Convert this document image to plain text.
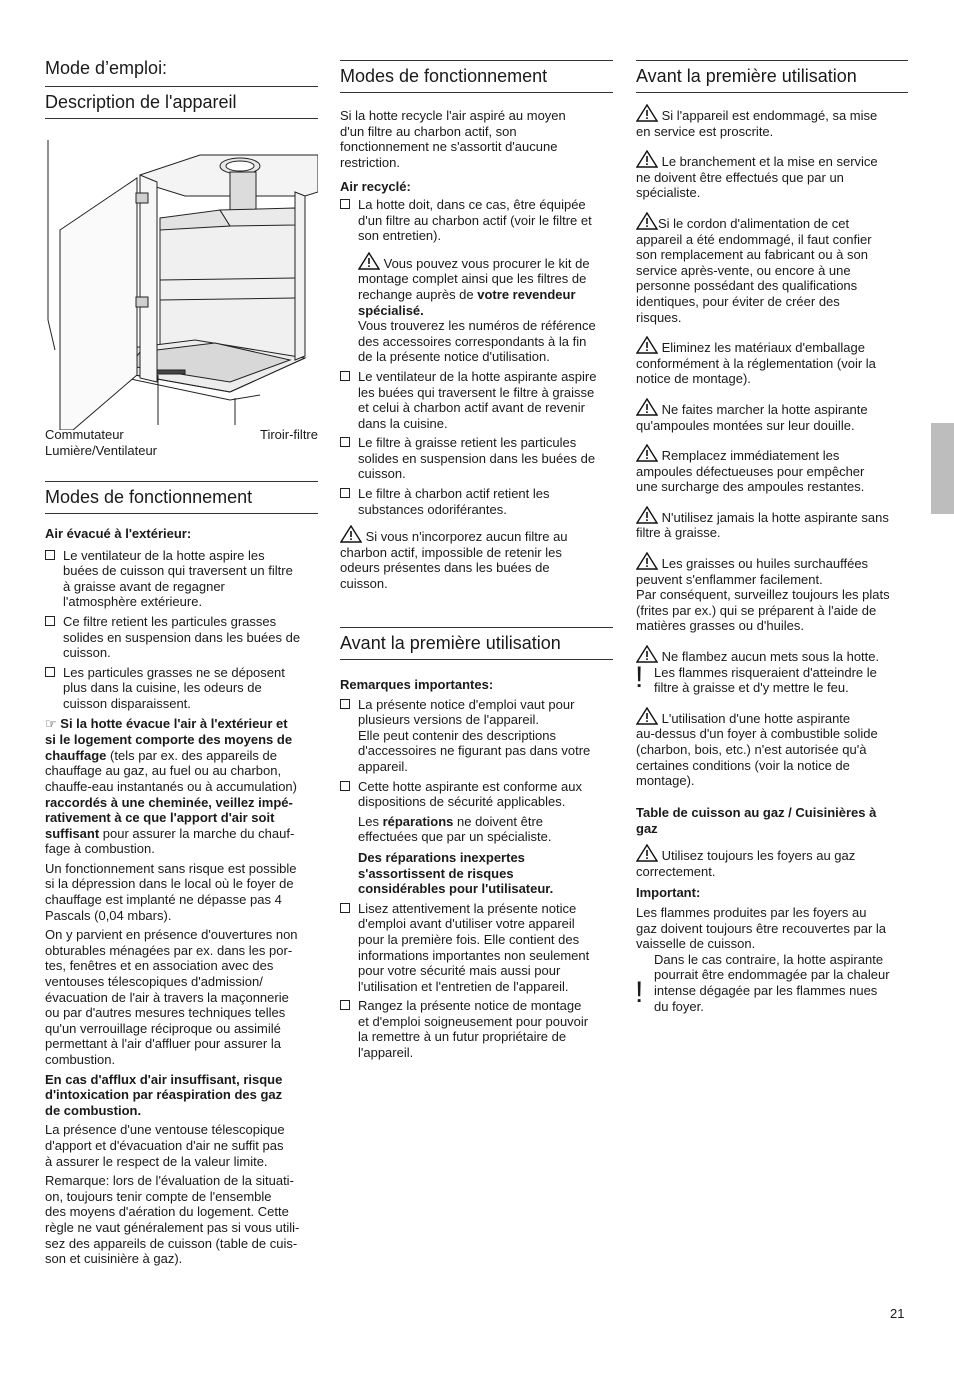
Mode d’emploi:
Description de l'appareil
Commutateur
Lumière/Ventilateur
Tiroir-filtre
Modes de fonctionnement
Air évacué à l'extérieur:
Le ventilateur de la hotte aspire les
buées de cuisson qui traversent un filtre
à graisse avant de regagner
l'atmosphère extérieure.
Ce filtre retient les particules grasses
solides en suspension dans les buées de
cuisson.
Les particules grasses ne se déposent
plus dans la cuisine, les odeurs de
cuisson disparaissent.
☞ Si la hotte évacue l'air à l'extérieur et
si le logement comporte des moyens de
chauffage (tels par ex. des appareils de
chauffage au gaz, au fuel ou au charbon,
chauffe-eau instantanés ou à accumulation)
raccordés à une cheminée, veillez impé-
rativement à ce que l'apport d'air soit
suffisant pour assurer la marche du chauf-
fage à combustion.
Un fonctionnement sans risque est possible
si la dépression dans le local où le foyer de
chauffage est implanté ne dépasse pas 4
Pascals (0,04 mbars).
On y parvient en présence d'ouvertures non
obturables ménagées par ex. dans les por-
tes, fenêtres et en association avec des
ventouses télescopiques d'admission/
évacuation de l'air à travers la maçonnerie
ou par d'autres mesures techniques telles
qu'un verrouillage réciproque ou assimilé
permettant à l'air d'affluer pour assurer la
combustion.
En cas d'afflux d'air insuffisant, risque
d'intoxication par réaspiration des gaz
de combustion.
La présence d'une ventouse télescopique
d'apport et d'évacuation d'air ne suffit pas
à assurer le respect de la valeur limite.
Remarque: lors de l'évaluation de la situati-
on, toujours tenir compte de l'ensemble
des moyens d'aération du logement. Cette
règle ne vaut généralement pas si vous utili-
sez des appareils de cuisson (table de cuis-
son et cuisinière à gaz).
Modes de fonctionnement
Si la hotte recycle l'air aspiré au moyen
d'un filtre au charbon actif, son
fonctionnement ne s'assortit d'aucune
restriction.
Air recyclé:
La hotte doit, dans ce cas, être équipée
d'un filtre au charbon actif (voir le filtre et
son entretien).
Vous pouvez vous procurer le kit de
montage complet ainsi que les filtres de
rechange auprès de votre revendeur
spécialisé.
Vous trouverez les numéros de référence
des accessoires correspondants à la fin
de la présente notice d'utilisation.
Le ventilateur de la hotte aspirante aspire
les buées qui traversent le filtre à graisse
et celui à charbon actif avant de revenir
dans la cuisine.
Le filtre à graisse retient les particules
solides en suspension dans les buées de
cuisson.
Le filtre à charbon actif retient les
substances odoriférantes.
Si vous n'incorporez aucun filtre au
charbon actif, impossible de retenir les
odeurs présentes dans les buées de
cuisson.
Avant la première utilisation
Remarques importantes:
La présente notice d'emploi vaut pour
plusieurs versions de l'appareil.
Elle peut contenir des descriptions
d'accessoires ne figurant pas dans votre
appareil.
Cette hotte aspirante est conforme aux
dispositions de sécurité applicables.
Les réparations ne doivent être
effectuées que par un spécialiste.
Des réparations inexpertes
s'assortissent de risques
considérables pour l'utilisateur.
Lisez attentivement la présente notice
d'emploi avant d'utiliser votre appareil
pour la première fois. Elle contient des
informations importantes non seulement
pour votre sécurité mais aussi pour
l'utilisation et l'entretien de l'appareil.
Rangez la présente notice de montage
et d'emploi soigneusement pour pouvoir
la remettre à un futur propriétaire de
l'appareil.
Avant la première utilisation
Si l'appareil est endommagé, sa mise
en service est proscrite.
Le branchement et la mise en service
ne doivent être effectués que par un
spécialiste.
Si le cordon d'alimentation de cet
appareil a été endommagé, il faut confier
son remplacement au fabricant ou à son
service après-vente, ou encore à une
personne possédant des qualifications
identiques, pour éviter de créer des
risques.
Eliminez les matériaux d'emballage
conformément à la réglementation (voir la
notice de montage).
Ne faites marcher la hotte aspirante
qu'ampoules montées sur leur douille.
Remplacez immédiatement les
ampoules défectueuses pour empêcher
une surcharge des ampoules restantes.
N'utilisez jamais la hotte aspirante sans
filtre à graisse.
Les graisses ou huiles surchauffées
peuvent s'enflammer facilement.
Par conséquent, surveillez toujours les plats
(frites par ex.) qui se préparent à l'aide de
matières grasses ou d'huiles.
!
Ne flambez aucun mets sous la hotte.
Les flammes risqueraient d'atteindre le
filtre à graisse et d'y mettre le feu.
L'utilisation d'une hotte aspirante
au-dessus d'un foyer à combustible solide
(charbon, bois, etc.) n'est autorisée qu'à
certaines conditions (voir la notice de
montage).
Table de cuisson au gaz / Cuisinières à
gaz
Utilisez toujours les foyers au gaz
correctement.
Important:
Les flammes produites par les foyers au
gaz doivent toujours être recouvertes par la
vaisselle de cuisson.
!
Dans le cas contraire, la hotte aspirante
pourrait être endommagée par la chaleur
intense dégagée par les flammes nues
du foyer.
21
